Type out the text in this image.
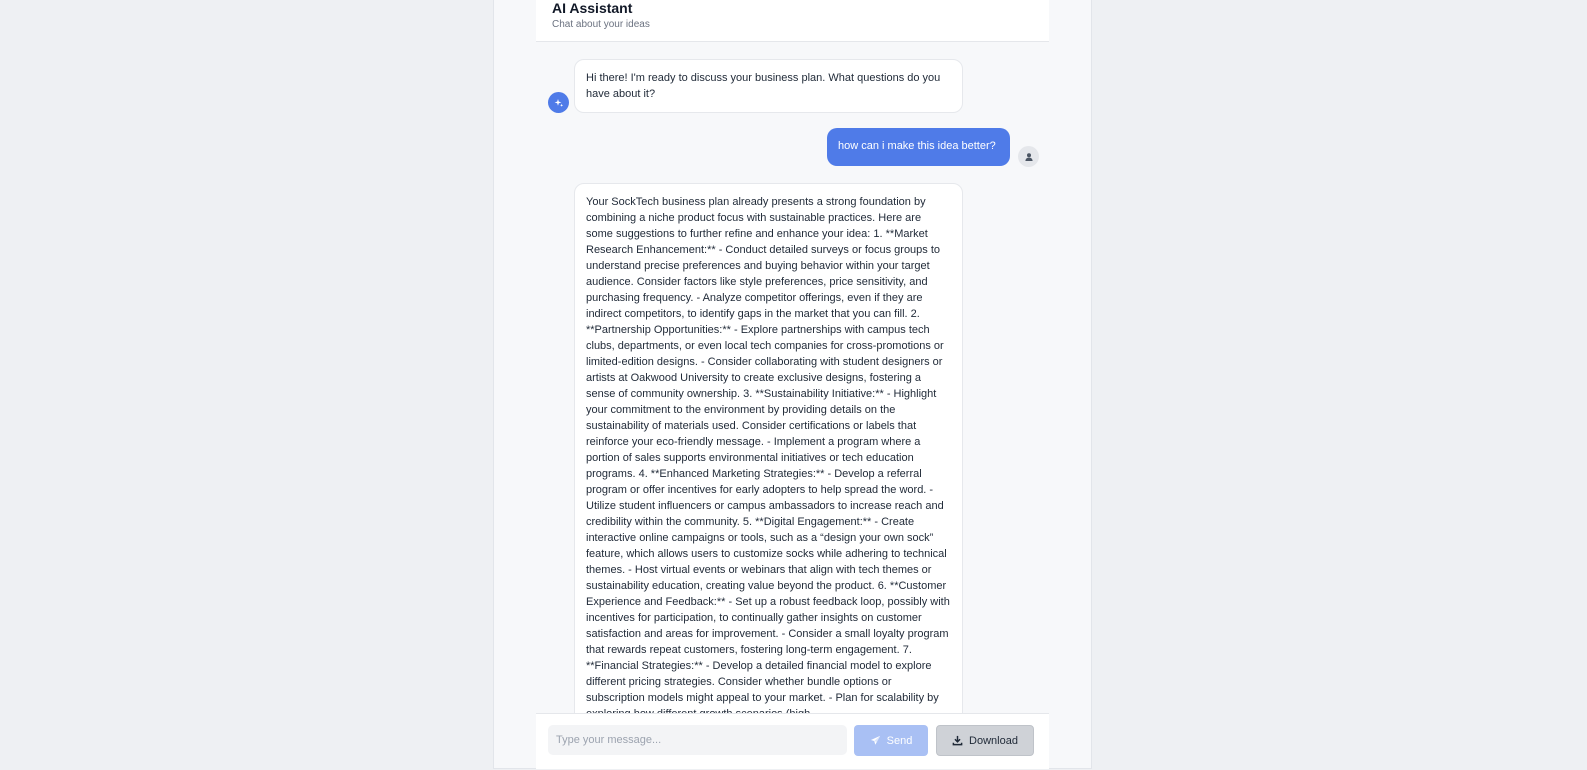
AI Assistant
Chat about your ideas
Hi there! I'm ready to discuss your business plan. What questions do you have about it?
how can i make this idea better?
Your SockTech business plan already presents a strong foundation by combining a niche product focus with sustainable practices. Here are some suggestions to further refine and enhance your idea: 1. **Market Research Enhancement:** - Conduct detailed surveys or focus groups to understand precise preferences and buying behavior within your target audience. Consider factors like style preferences, price sensitivity, and purchasing frequency. - Analyze competitor offerings, even if they are indirect competitors, to identify gaps in the market that you can fill. 2. **Partnership Opportunities:** - Explore partnerships with campus tech clubs, departments, or even local tech companies for cross-promotions or limited-edition designs. - Consider collaborating with student designers or artists at Oakwood University to create exclusive designs, fostering a sense of community ownership. 3. **Sustainability Initiative:** - Highlight your commitment to the environment by providing details on the sustainability of materials used. Consider certifications or labels that reinforce your eco-friendly message. - Implement a program where a portion of sales supports environmental initiatives or tech education programs. 4. **Enhanced Marketing Strategies:** - Develop a referral program or offer incentives for early adopters to help spread the word. - Utilize student influencers or campus ambassadors to increase reach and credibility within the community. 5. **Digital Engagement:** - Create interactive online campaigns or tools, such as a “design your own sock” feature, which allows users to customize socks while adhering to technical themes. - Host virtual events or webinars that align with tech themes or sustainability education, creating value beyond the product. 6. **Customer Experience and Feedback:** - Set up a robust feedback loop, possibly with incentives for participation, to continually gather insights on customer satisfaction and areas for improvement. - Consider a small loyalty program that rewards repeat customers, fostering long-term engagement. 7. **Financial Strategies:** - Develop a detailed financial model to explore different pricing strategies. Consider whether bundle options or subscription models might appeal to your market. - Plan for scalability by
Type your message...
Send	Download
